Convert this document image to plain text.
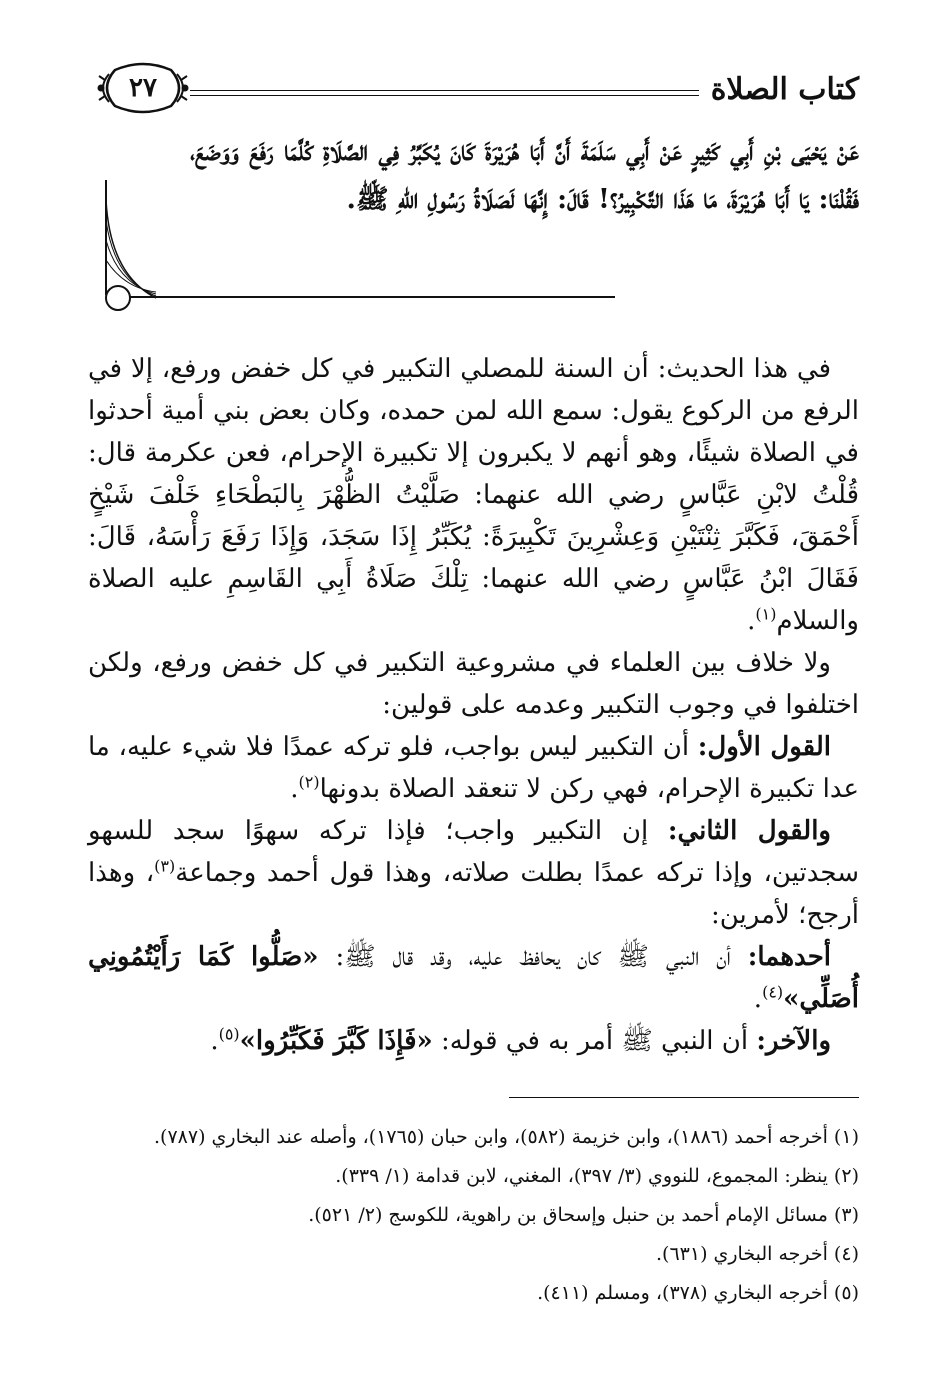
كتاب الصلاة
٢٧
عَنْ يَحْيَى بْنِ أَبِي كَثِيرٍ عَنْ أَبِي سَلَمَةَ أَنَّ أَبَا هُرَيْرَةَ كَانَ يُكَبِّرُ فِي الصَّلَاةِ كُلَّمَا رَفَعَ وَوَضَعَ، فَقُلْنَا: يَا أَبَا هُرَيْرَةَ، مَا هَذَا التَّكْبِيرُ؟! قَالَ: إِنَّهَا لَصَلَاةُ رَسُولِ اللهِ ﷺ.

في هذا الحديث: أن السنة للمصلي التكبير في كل خفض ورفع، إلا في الرفع من الركوع يقول: سمع الله لمن حمده، وكان بعض بني أمية أحدثوا في الصلاة شيئًا، وهو أنهم لا يكبرون إلا تكبيرة الإحرام، فعن عكرمة قال: قُلْتُ لابْنِ عَبَّاسٍ رضي الله عنهما: صَلَّيْتُ الظُّهْرَ بِالبَطْحَاءِ خَلْفَ شَيْخٍ أَحْمَقَ، فَكَبَّرَ ثِنْتَيْنِ وَعِشْرِينَ تَكْبِيرَةً: يُكَبِّرُ إِذَا سَجَدَ، وَإِذَا رَفَعَ رَأْسَهُ، قَالَ: فَقَالَ ابْنُ عَبَّاسٍ رضي الله عنهما: تِلْكَ صَلَاةُ أَبِي القَاسِمِ عليه الصلاة والسلام$^{(١)}$.

ولا خلاف بين العلماء في مشروعية التكبير في كل خفض ورفع، ولكن اختلفوا في وجوب التكبير وعدمه على قولين:

القول الأول: أن التكبير ليس بواجب، فلو تركه عمدًا فلا شيء عليه، ما عدا تكبيرة الإحرام، فهي ركن لا تنعقد الصلاة بدونها$^{(٢)}$.

والقول الثاني: إن التكبير واجب؛ فإذا تركه سهوًا سجد للسهو سجدتين، وإذا تركه عمدًا بطلت صلاته، وهذا قول أحمد وجماعة$^{(٣)}$، وهذا أرجح؛ لأمرين:

أحدهما: أن النبي ﷺ كان يحافظ عليه، وقد قال ﷺ: «صَلُّوا كَمَا رَأَيْتُمُونِي أُصَلِّي»$^{(٤)}$.

والآخر: أن النبي ﷺ أمر به في قوله: «فَإِذَا كَبَّرَ فَكَبِّرُوا»$^{(٥)}$.

(١) أخرجه أحمد (١٨٨٦)، وابن خزيمة (٥٨٢)، وابن حبان (١٧٦٥)، وأصله عند البخاري (٧٨٧).

(٢) ينظر: المجموع، للنووي (٣/ ٣٩٧)، المغني، لابن قدامة (١/ ٣٣٩).

(٣) مسائل الإمام أحمد بن حنبل وإسحاق بن راهوية، للكوسج (٢/ ٥٢١).

(٤) أخرجه البخاري (٦٣١).

(٥) أخرجه البخاري (٣٧٨)، ومسلم (٤١١).
